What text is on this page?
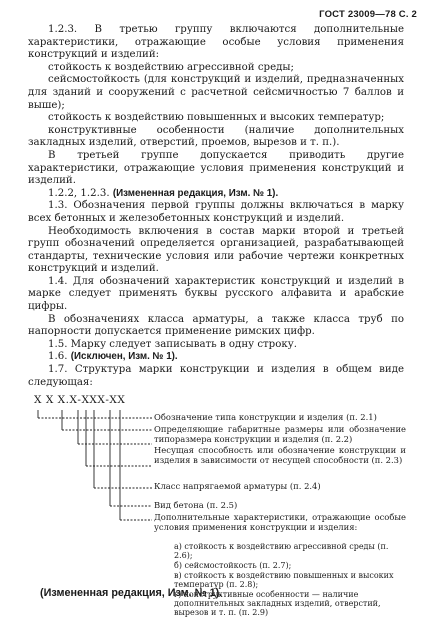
ГОСТ 23009—78 С. 2
1.2.3. В третью группу включаются дополнительные характеристики, отражающие особые условия применения конструкций и изделий:
стойкость к воздействию агрессивной среды;
сейсмостойкость (для конструкций и изделий, предназначенных для зданий и сооружений с расчетной сейсмичностью 7 баллов и выше);
стойкость к воздействию повышенных и высоких температур;
конструктивные особенности (наличие дополнительных закладных изделий, отверстий, проемов, вырезов и т. п.).
В третьей группе допускается приводить другие характеристики, отражающие условия применения конструкций и изделий.
1.2.2, 1.2.3. (Измененная редакция, Изм. № 1).
1.3. Обозначения первой группы должны включаться в марку всех бетонных и железобетонных конструкций и изделий.
Необходимость включения в состав марки второй и третьей групп обозначений определяется организацией, разрабатывающей стандарты, технические условия или рабочие чертежи конкретных конструкций и изделий.
1.4. Для обозначений характеристик конструкций и изделий в марке следует применять буквы русского алфавита и арабские цифры.
В обозначениях класса арматуры, а также класса труб по напорности допускается применение римских цифр.
1.5. Марку следует записывать в одну строку.
1.6. (Исключен, Изм. № 1).
1.7. Структура марки конструкции и изделия в общем виде следующая:
Х Х Х.Х-ХХХ-ХХ
Обозначение типа конструкции и изделия (п. 2.1)
Определяющие габаритные размеры или обозначение типоразмера конструкции и изделия (п. 2.2)
Несущая способность или обозначение конструкции и изделия в зависимости от несущей способности (п. 2.3)
Класс напрягаемой арматуры (п. 2.4)
Вид бетона (п. 2.5)
Дополнительные характеристики, отражающие особые условия применения конструкции и изделия:
а) стойкость к воздействию агрессивной среды (п. 2.6);
б) сейсмостойкость (п. 2.7);
в) стойкость к воздействию повышенных и высоких температур (п. 2.8);
г) конструктивные особенности — наличие дополнительных закладных изделий, отверстий, вырезов и т. п. (п. 2.9)
(Измененная редакция, Изм. № 1).
